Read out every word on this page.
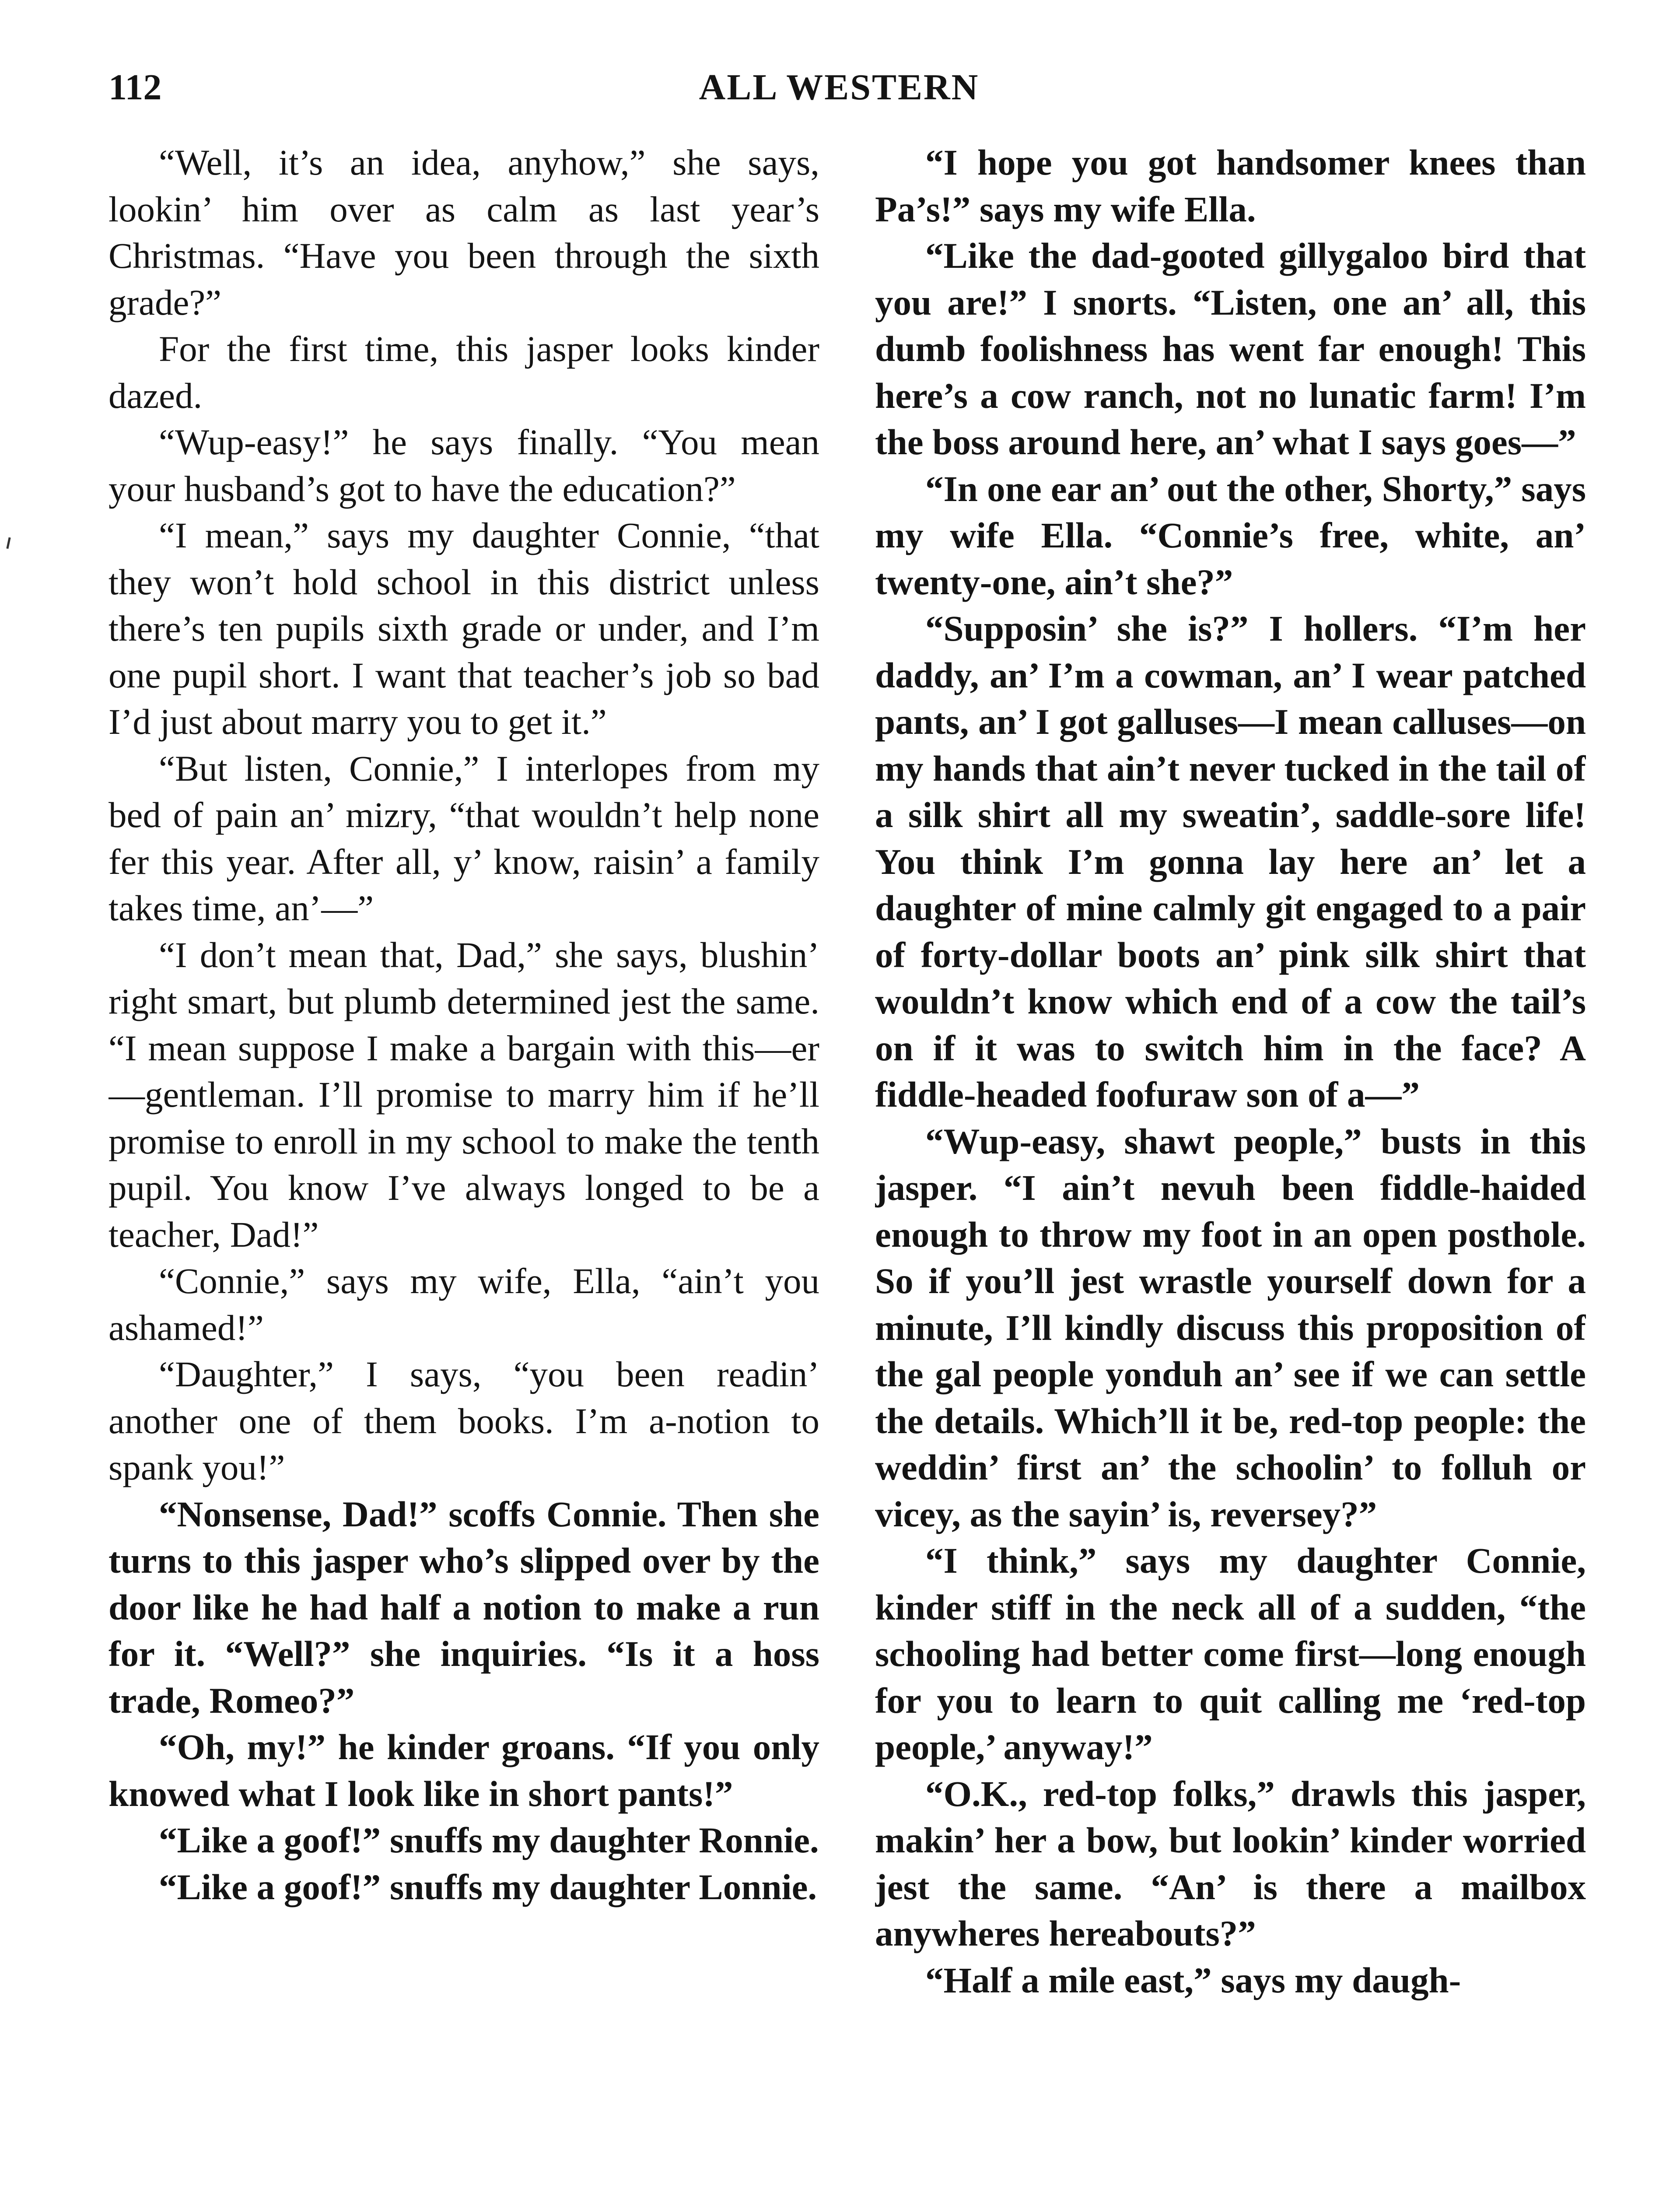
112	ALL WESTERN

“Well, it’s an idea, anyhow,” she says, lookin’ him over as calm as last year’s Christmas. “Have you been through the sixth grade?”

For the first time, this jasper looks kinder dazed.

“Wup-easy!” he says finally. “You mean your husband’s got to have the education?”

“I mean,” says my daughter Connie, “that they won’t hold school in this district unless there’s ten pupils sixth grade or under, and I’m one pupil short. I want that teacher’s job so bad I’d just about marry you to get it.”

“But listen, Connie,” I interlopes from my bed of pain an’ mizry, “that wouldn’t help none fer this year. After all, y’ know, raisin’ a family takes time, an’—”

“I don’t mean that, Dad,” she says, blushin’ right smart, but plumb determined jest the same. “I mean suppose I make a bargain with this—er—gentleman. I’ll promise to marry him if he’ll promise to enroll in my school to make the tenth pupil. You know I’ve always longed to be a teacher, Dad!”

“Connie,” says my wife, Ella, “ain’t you ashamed!”

“Daughter,” I says, “you been readin’ another one of them books. I’m a-notion to spank you!”

“Nonsense, Dad!” scoffs Connie. Then she turns to this jasper who’s slipped over by the door like he had half a notion to make a run for it. “Well?” she inquiries. “Is it a hoss trade, Romeo?”

“Oh, my!” he kinder groans. “If you only knowed what I look like in short pants!”

“Like a goof!” snuffs my daughter Ronnie.

“Like a goof!” snuffs my daughter Lonnie.

“I hope you got handsomer knees than Pa’s!” says my wife Ella.

“Like the dad-gooted gillygaloo bird that you are!” I snorts. “Listen, one an’ all, this dumb foolishness has went far enough! This here’s a cow ranch, not no lunatic farm! I’m the boss around here, an’ what I says goes—”

“In one ear an’ out the other, Shorty,” says my wife Ella. “Connie’s free, white, an’ twenty-one, ain’t she?”

“Supposin’ she is?” I hollers. “I’m her daddy, an’ I’m a cowman, an’ I wear patched pants, an’ I got galluses—I mean calluses—on my hands that ain’t never tucked in the tail of a silk shirt all my sweatin’, saddle-sore life! You think I’m gonna lay here an’ let a daughter of mine calmly git engaged to a pair of forty-dollar boots an’ pink silk shirt that wouldn’t know which end of a cow the tail’s on if it was to switch him in the face? A fiddle-headed foofuraw son of a—”

“Wup-easy, shawt people,” busts in this jasper. “I ain’t nevuh been fiddle-haided enough to throw my foot in an open posthole. So if you’ll jest wrastle yourself down for a minute, I’ll kindly discuss this proposition of the gal people yonduh an’ see if we can settle the details. Which’ll it be, red-top people: the weddin’ first an’ the schoolin’ to folluh or vicey, as the sayin’ is, reversey?”

“I think,” says my daughter Connie, kinder stiff in the neck all of a sudden, “the schooling had better come first—long enough for you to learn to quit calling me ‘red-top people,’ anyway!”

“O.K., red-top folks,” drawls this jasper, makin’ her a bow, but lookin’ kinder worried jest the same. “An’ is there a mailbox anywheres hereabouts?”

“Half a mile east,” says my daugh-
